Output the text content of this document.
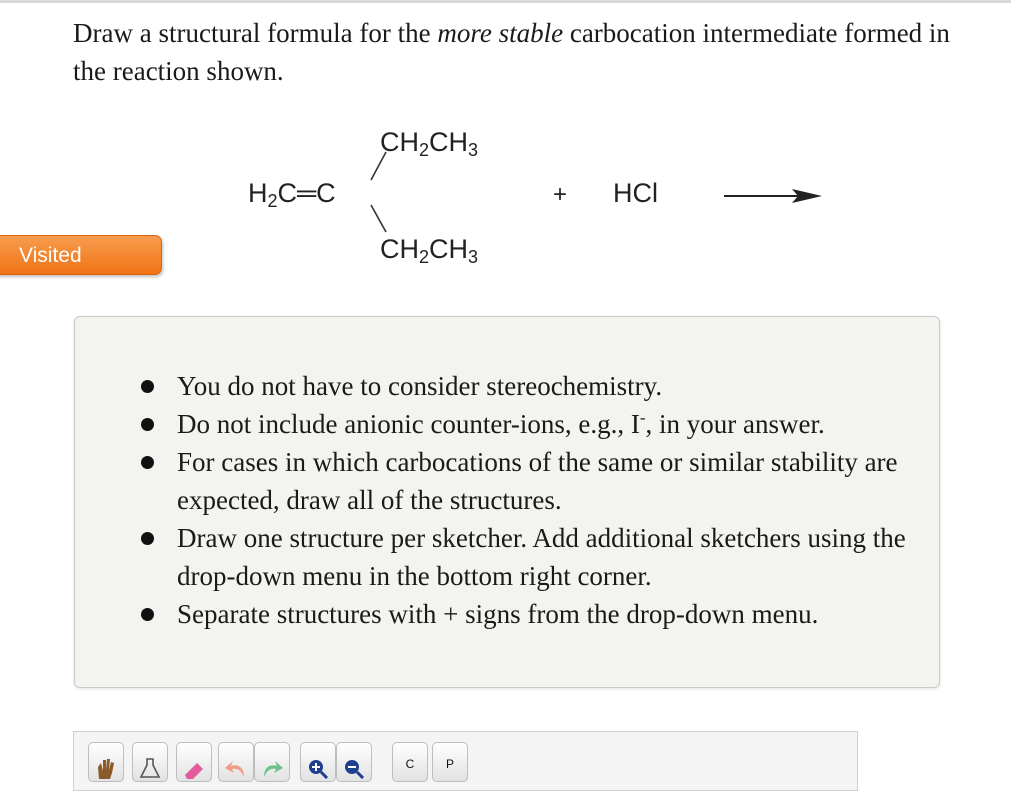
Draw a structural formula for the more stable carbocation intermediate formed in the reaction shown.

$CH_2CH_3$
$H_2C═C$
$CH_2CH_3$
+ HCl
Visited
You do not have to consider stereochemistry.
Do not include anionic counter-ions, e.g., I-, in your answer.
For cases in which carbocations of the same or similar stability are expected, draw all of the structures.
Draw one structure per sketcher. Add additional sketchers using the drop-down menu in the bottom right corner.
Separate structures with + signs from the drop-down menu.
C	P
